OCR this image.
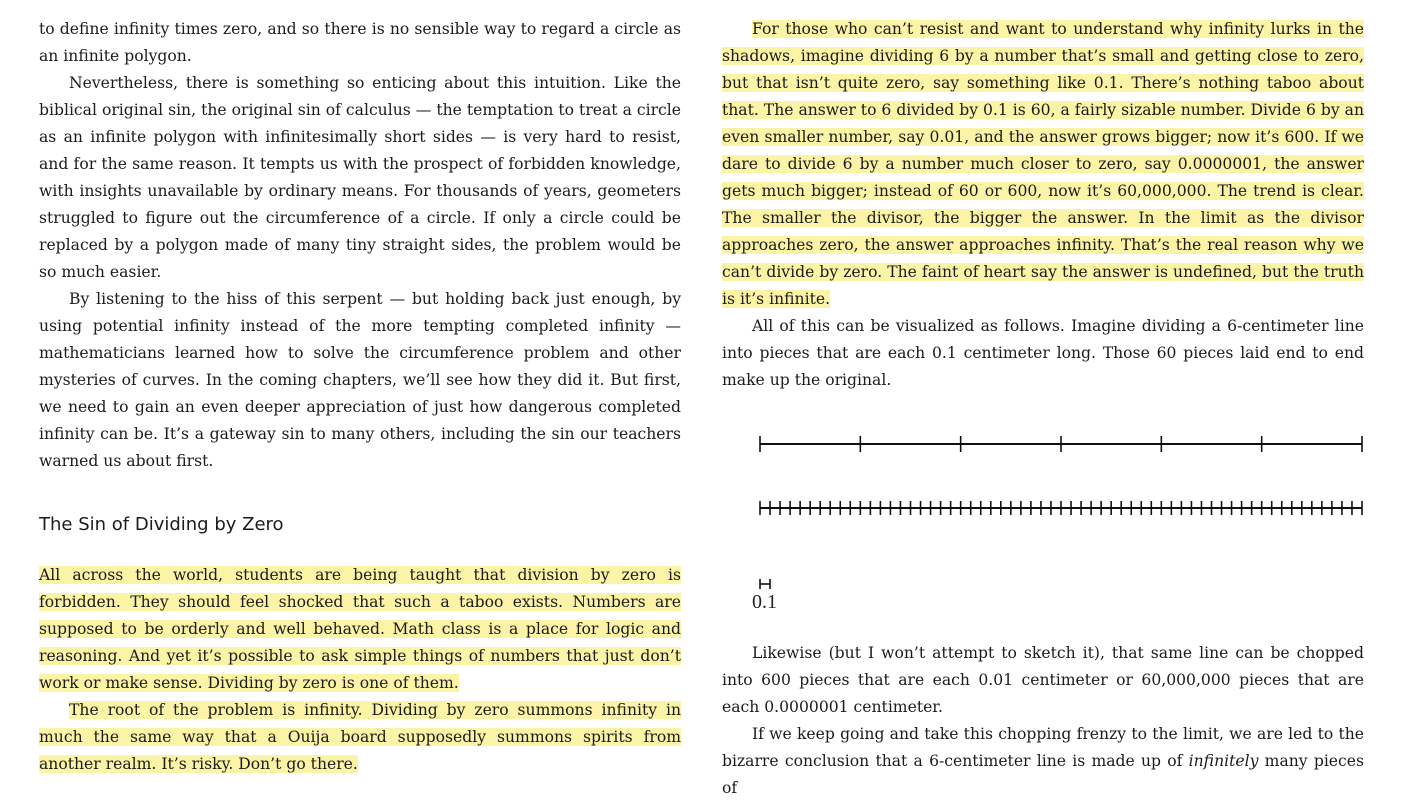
to define infinity times zero, and so there is no sensible way to regard a circle as an infinite polygon.

Nevertheless, there is something so enticing about this intuition. Like the biblical original sin, the original sin of calculus — the temptation to treat a circle as an infinite polygon with infinitesimally short sides — is very hard to resist, and for the same reason. It tempts us with the prospect of forbidden knowledge, with insights unavailable by ordinary means. For thousands of years, geometers struggled to figure out the circumference of a circle. If only a circle could be replaced by a polygon made of many tiny straight sides, the problem would be so much easier.

By listening to the hiss of this serpent — but holding back just enough, by using potential infinity instead of the more tempting completed infinity — mathematicians learned how to solve the circumference problem and other mysteries of curves. In the coming chapters, we’ll see how they did it. But first, we need to gain an even deeper appreciation of just how dangerous completed infinity can be. It’s a gateway sin to many others, including the sin our teachers warned us about first.

The Sin of Dividing by Zero

All across the world, students are being taught that division by zero is forbidden. They should feel shocked that such a taboo exists. Numbers are supposed to be orderly and well behaved. Math class is a place for logic and reasoning. And yet it’s possible to ask simple things of numbers that just don’t work or make sense. Dividing by zero is one of them.

The root of the problem is infinity. Dividing by zero summons infinity in much the same way that a Ouija board supposedly summons spirits from another realm. It’s risky. Don’t go there.

For those who can’t resist and want to understand why infinity lurks in the shadows, imagine dividing 6 by a number that’s small and getting close to zero, but that isn’t quite zero, say something like 0.1. There’s nothing taboo about that. The answer to 6 divided by 0.1 is 60, a fairly sizable number. Divide 6 by an even smaller number, say 0.01, and the answer grows bigger; now it’s 600. If we dare to divide 6 by a number much closer to zero, say 0.0000001, the answer gets much bigger; instead of 60 or 600, now it’s 60,000,000. The trend is clear. The smaller the divisor, the bigger the answer. In the limit as the divisor approaches zero, the answer approaches infinity. That’s the real reason why we can’t divide by zero. The faint of heart say the answer is undefined, but the truth is it’s infinite.

All of this can be visualized as follows. Imagine dividing a 6-centimeter line into pieces that are each 0.1 centimeter long. Those 60 pieces laid end to end make up the original.

0.1

Likewise (but I won’t attempt to sketch it), that same line can be chopped into 600 pieces that are each 0.01 centimeter or 60,000,000 pieces that are each 0.0000001 centimeter.

If we keep going and take this chopping frenzy to the limit, we are led to the bizarre conclusion that a 6-centimeter line is made up of infinitely many pieces of
